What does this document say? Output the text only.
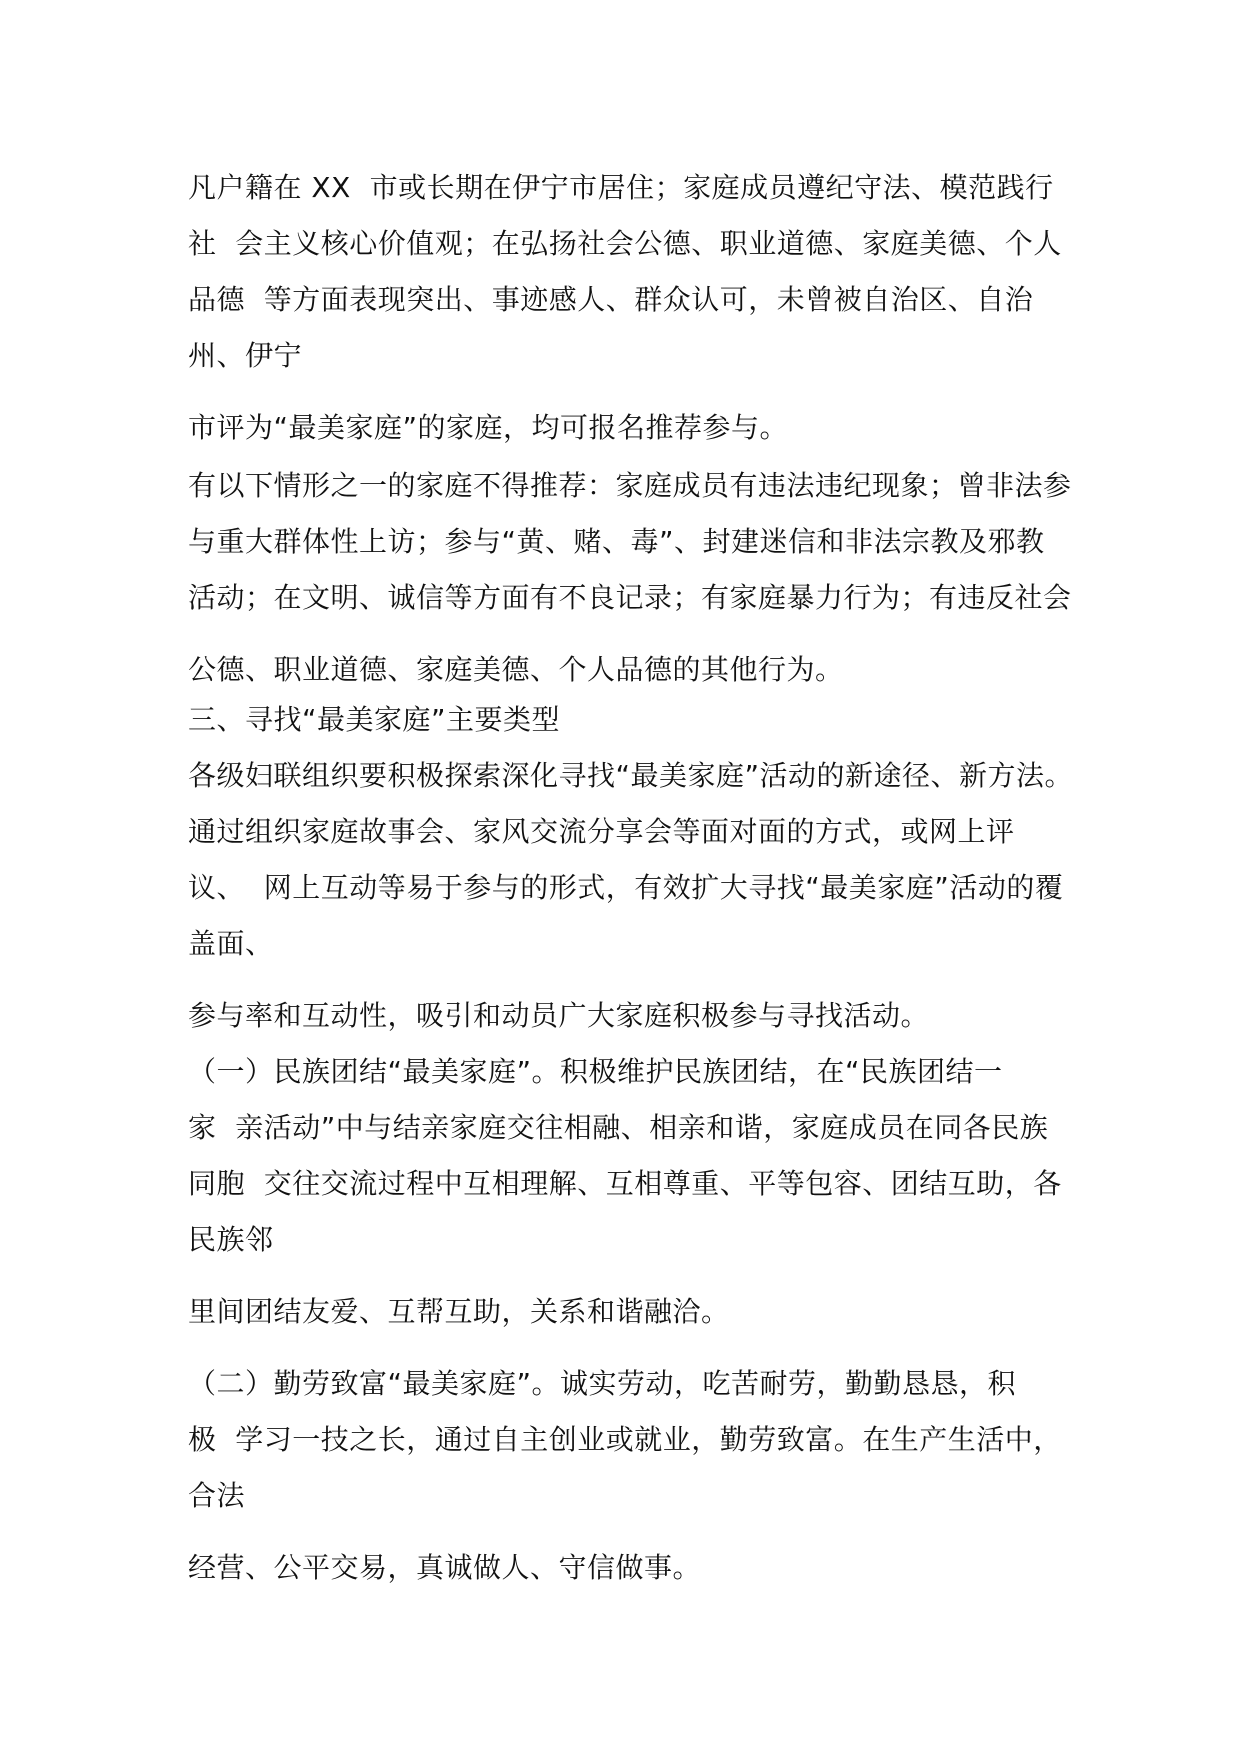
凡户籍在 XX  市或长期在伊宁市居住；家庭成员遵纪守法、模范践行
社  会主义核心价值观；在弘扬社会公德、职业道德、家庭美德、个人
品德  等方面表现突出、事迹感人、群众认可，未曾被自治区、自治
州、伊宁
市评为“最美家庭”的家庭，均可报名推荐参与。
有以下情形之一的家庭不得推荐：家庭成员有违法违纪现象；曾非法参
与重大群体性上访；参与“黄、赌、毒”、封建迷信和非法宗教及邪教
活动；在文明、诚信等方面有不良记录；有家庭暴力行为；有违反社会
公德、职业道德、家庭美德、个人品德的其他行为。
三、寻找“最美家庭”主要类型
各级妇联组织要积极探索深化寻找“最美家庭”活动的新途径、新方法。
通过组织家庭故事会、家风交流分享会等面对面的方式，或网上评
议、  网上互动等易于参与的形式，有效扩大寻找“最美家庭”活动的覆
盖面、
参与率和互动性，吸引和动员广大家庭积极参与寻找活动。
（一）民族团结“最美家庭”。积极维护民族团结，在“民族团结一
家  亲活动”中与结亲家庭交往相融、相亲和谐，家庭成员在同各民族
同胞  交往交流过程中互相理解、互相尊重、平等包容、团结互助，各
民族邻
里间团结友爱、互帮互助，关系和谐融洽。
（二）勤劳致富“最美家庭”。诚实劳动，吃苦耐劳，勤勤恳恳，积
极  学习一技之长，通过自主创业或就业，勤劳致富。在生产生活中，
合法
经营、公平交易，真诚做人、守信做事。
